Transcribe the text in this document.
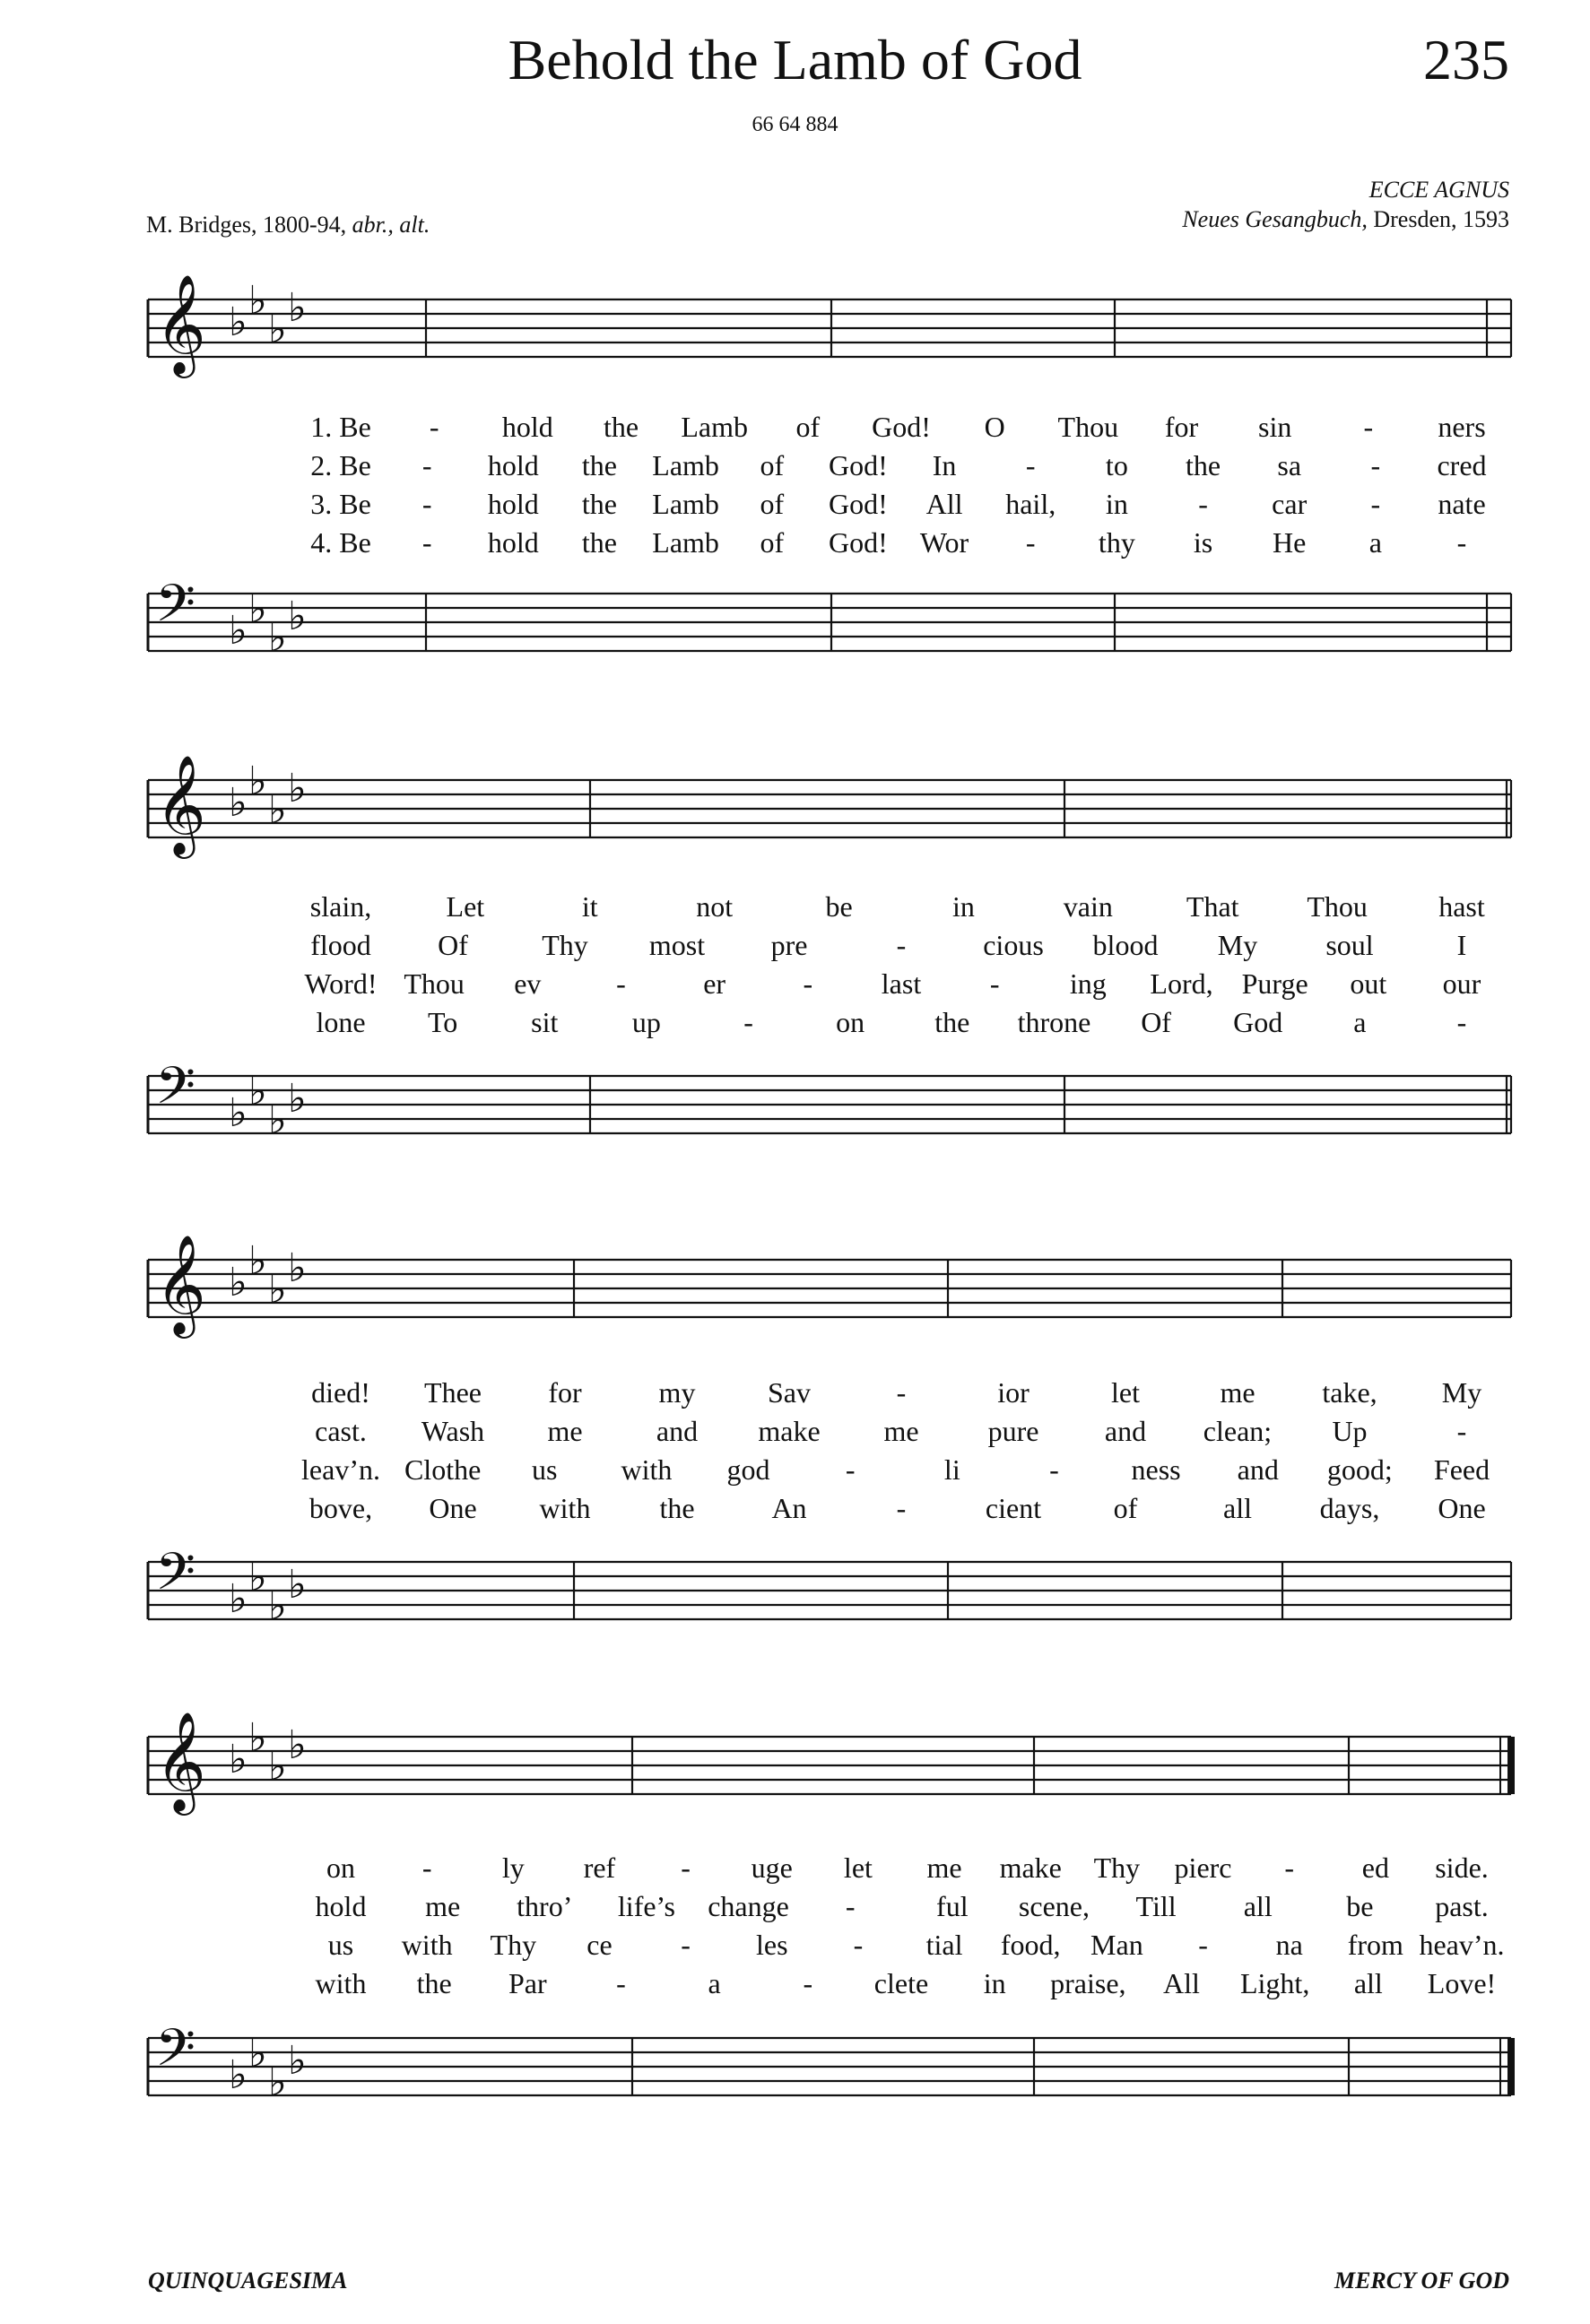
Behold the Lamb of God	235
66 64 884
ECCE AGNUS
Neues Gesangbuch, Dresden, 1593
M. Bridges, 1800-94, abr., alt.
𝄞
𝄢
♭ ♭
♭ ♭
♭ ♭
♭ ♭
𝄞
𝄢
♭ ♭
♭ ♭
♭ ♭
♭ ♭
𝄞
𝄢
♭ ♭
♭ ♭
♭ ♭
♭ ♭
𝄞
𝄢
♭ ♭
♭ ♭
♭ ♭
♭ ♭
1. Be - hold the Lamb of God! O Thou for sin	- ners
2. Be - hold the Lamb of God! In - to the sa - cred
3. Be - hold the Lamb of God! All hail, in - car - nate
4. Be - hold the Lamb of God! Wor - thy is He a	-
slain,	Let	it	not	be	in	vain	That Thou hast
flood Of	Thy most pre	-	cious blood My soul	I
Word! Thou ev	-	er	- last - ing Lord, Purge out our
lone To	sit	up	-	on the throne Of God a	-
died! Thee for	my	Sav	-	ior	let	me take, My
cast. Wash me	and make me pure and clean; Up	-
leav’n. Clothe us with god	-	li	-	ness and good; Feed
bove, One with the	An	-	cient	of	all days, One
on - ly ref - uge let me make Thy pierc - ed side.
hold me thro’ life’s change -	ful scene, Till all	be past.
us with Thy ce - les - tial food, Man - na from heav’n.
with the Par -	a	- clete in praise, All Light, all Love!
QUINQUAGESIMA	MERCY OF GOD
